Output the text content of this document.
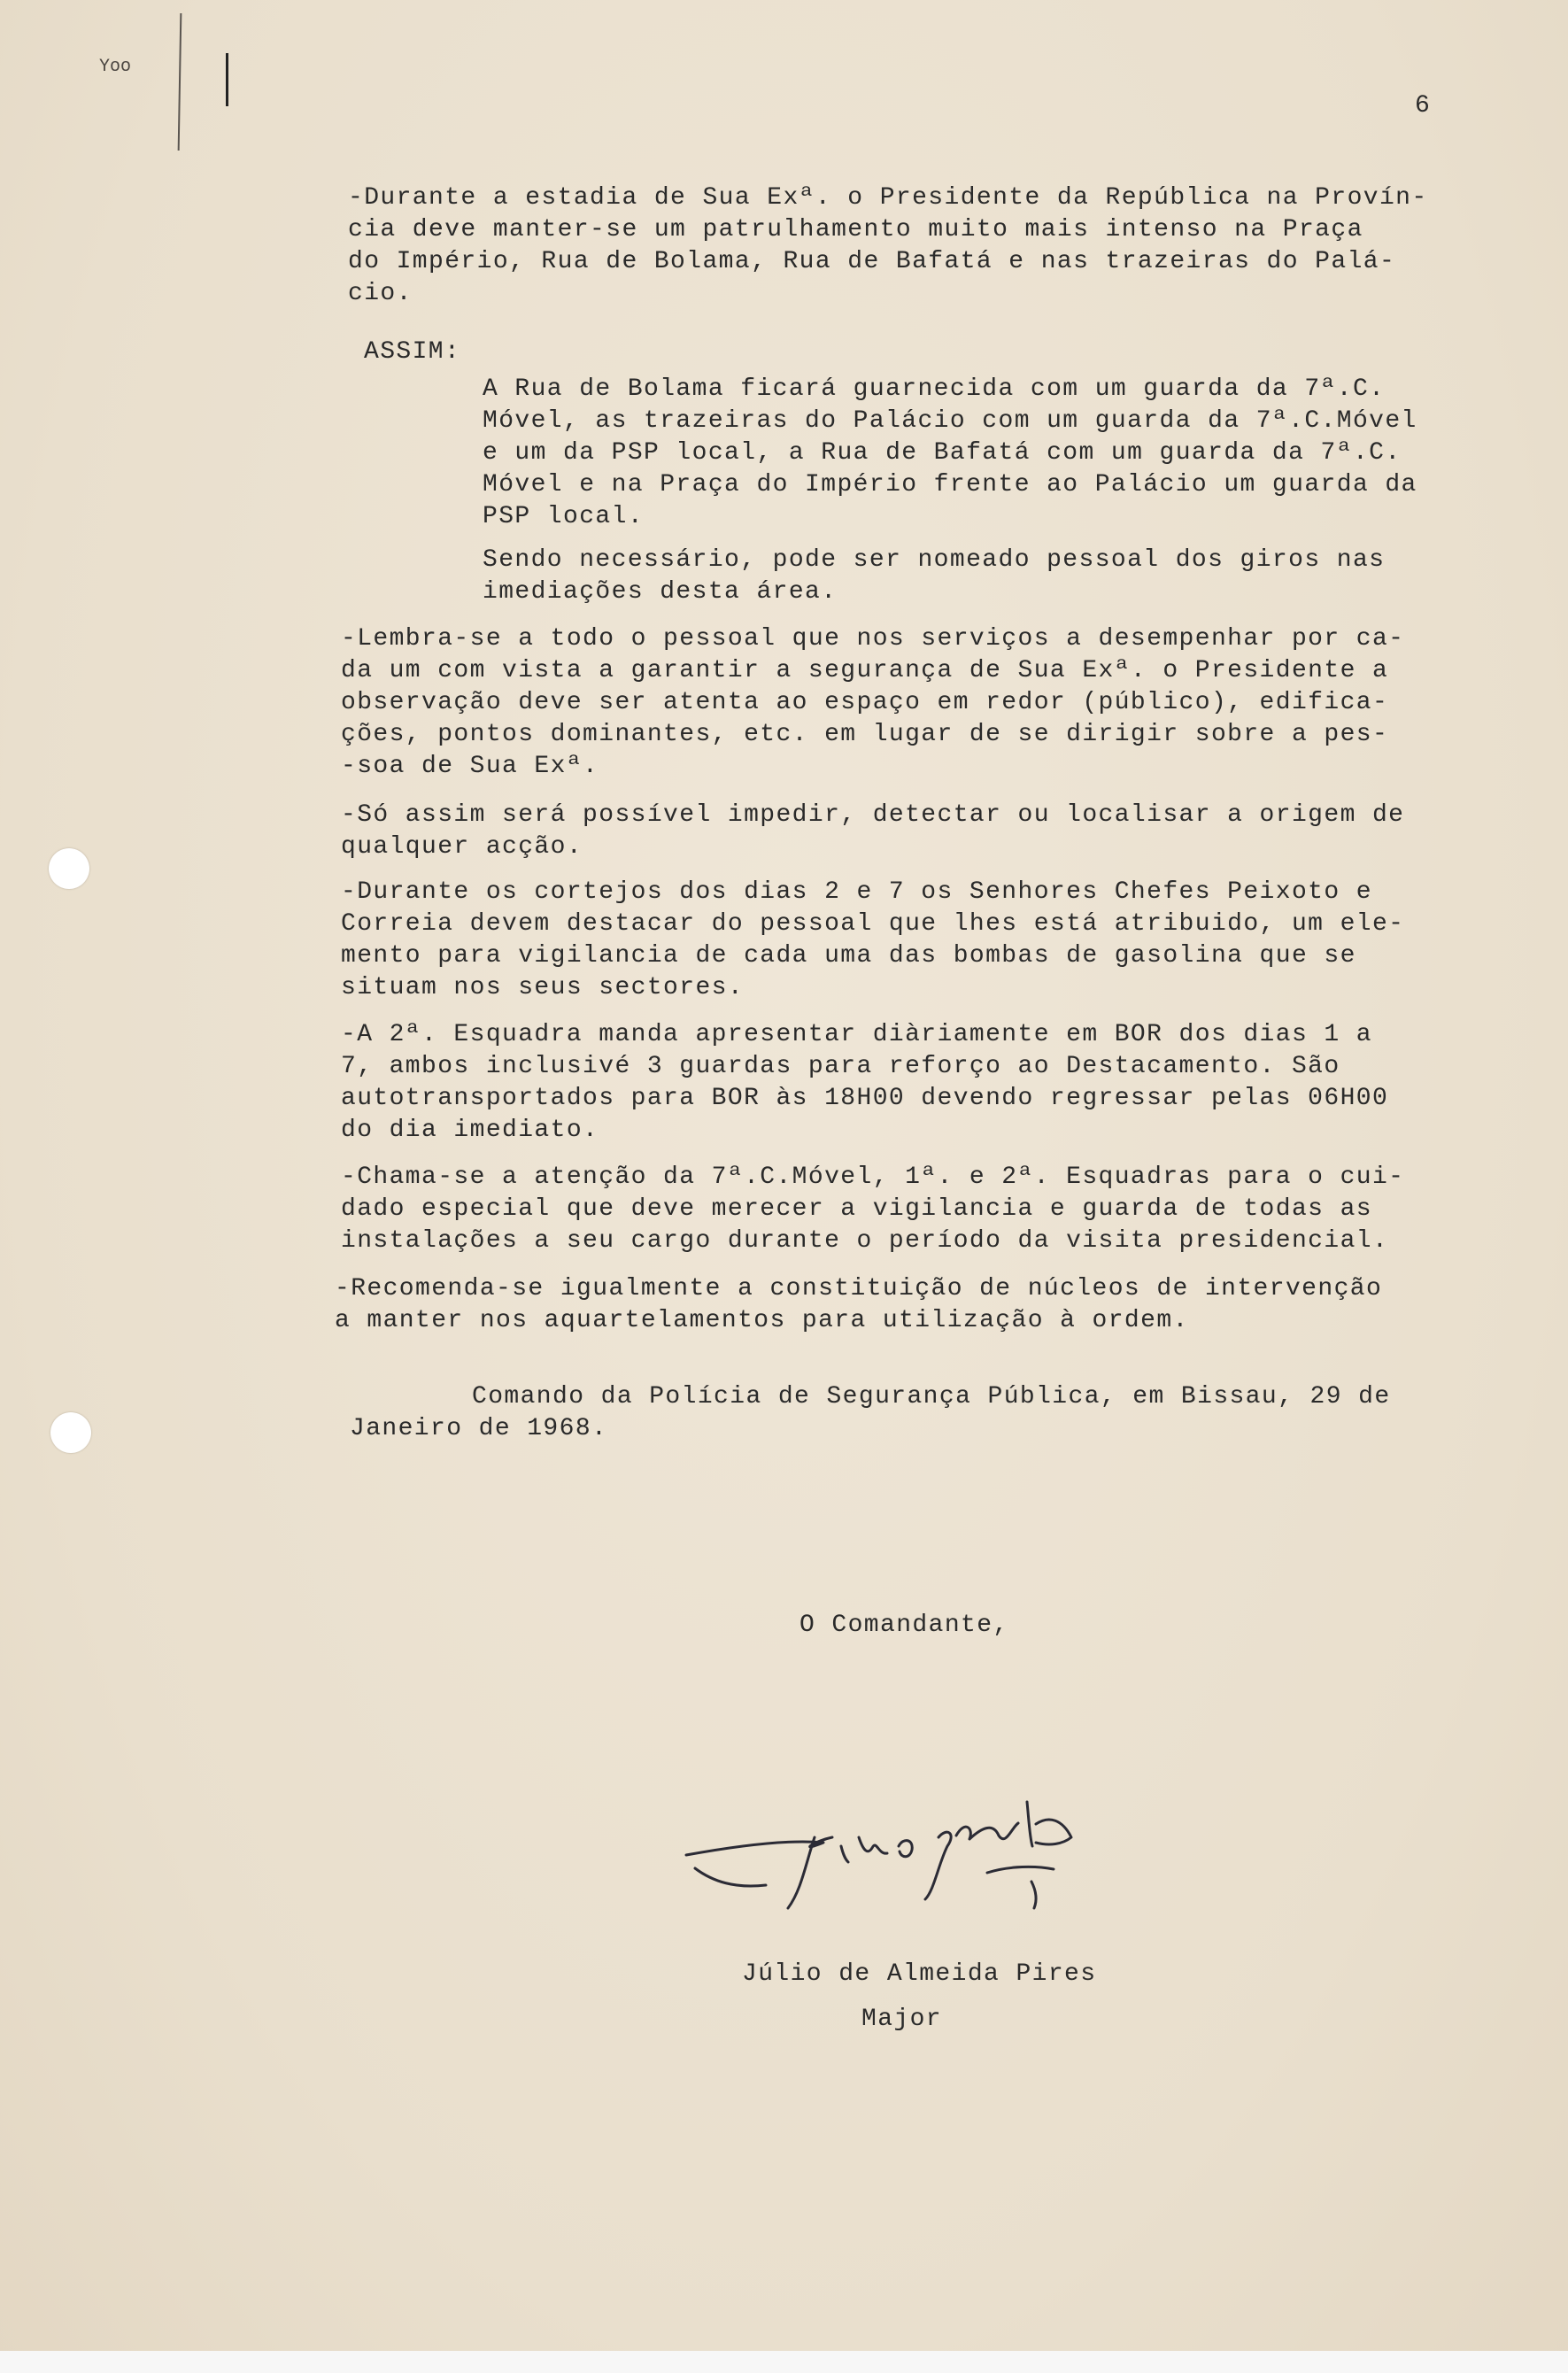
Yoo
6
-Durante a estadia de Sua Exª. o Presidente da República na Provín-
cia deve manter-se um patrulhamento muito mais intenso na Praça
do Império, Rua de Bolama, Rua de Bafatá e nas trazeiras do Palá-
cio.
ASSIM:
A Rua de Bolama ficará guarnecida com um guarda da 7ª.C.
Móvel, as trazeiras do Palácio com um guarda da 7ª.C.Móvel
e um da PSP local, a Rua de Bafatá com um guarda da 7ª.C.
Móvel e na Praça do Império frente ao Palácio um guarda da
PSP local.
Sendo necessário, pode ser nomeado pessoal dos giros nas
imediações desta área.
-Lembra-se a todo o pessoal que nos serviços a desempenhar por ca-
da um com vista a garantir a segurança de Sua Exª. o Presidente a
observação deve ser atenta ao espaço em redor (público), edifica-
ções, pontos dominantes, etc. em lugar de se dirigir sobre a pes-
-soa de Sua Exª.
-Só assim será possível impedir, detectar ou localisar a origem de
qualquer acção.
-Durante os cortejos dos dias 2 e 7 os Senhores Chefes Peixoto e
Correia devem destacar do pessoal que lhes está atribuido, um ele-
mento para vigilancia de cada uma das bombas de gasolina que se
situam nos seus sectores.
-A 2ª. Esquadra manda apresentar diàriamente em BOR dos dias 1 a
7, ambos inclusivé 3 guardas para reforço ao Destacamento. São
autotransportados para BOR às 18H00 devendo regressar pelas 06H00
do dia imediato.
-Chama-se a atenção da 7ª.C.Móvel, 1ª. e 2ª. Esquadras para o cui-
dado especial que deve merecer a vigilancia e guarda de todas as
instalações a seu cargo durante o período da visita presidencial.
-Recomenda-se igualmente a constituição de núcleos de intervenção
a manter nos aquartelamentos para utilização à ordem.
Comando da Polícia de Segurança Pública, em Bissau, 29 de
Janeiro de 1968.
O Comandante,
Júlio de Almeida Pires
Major
